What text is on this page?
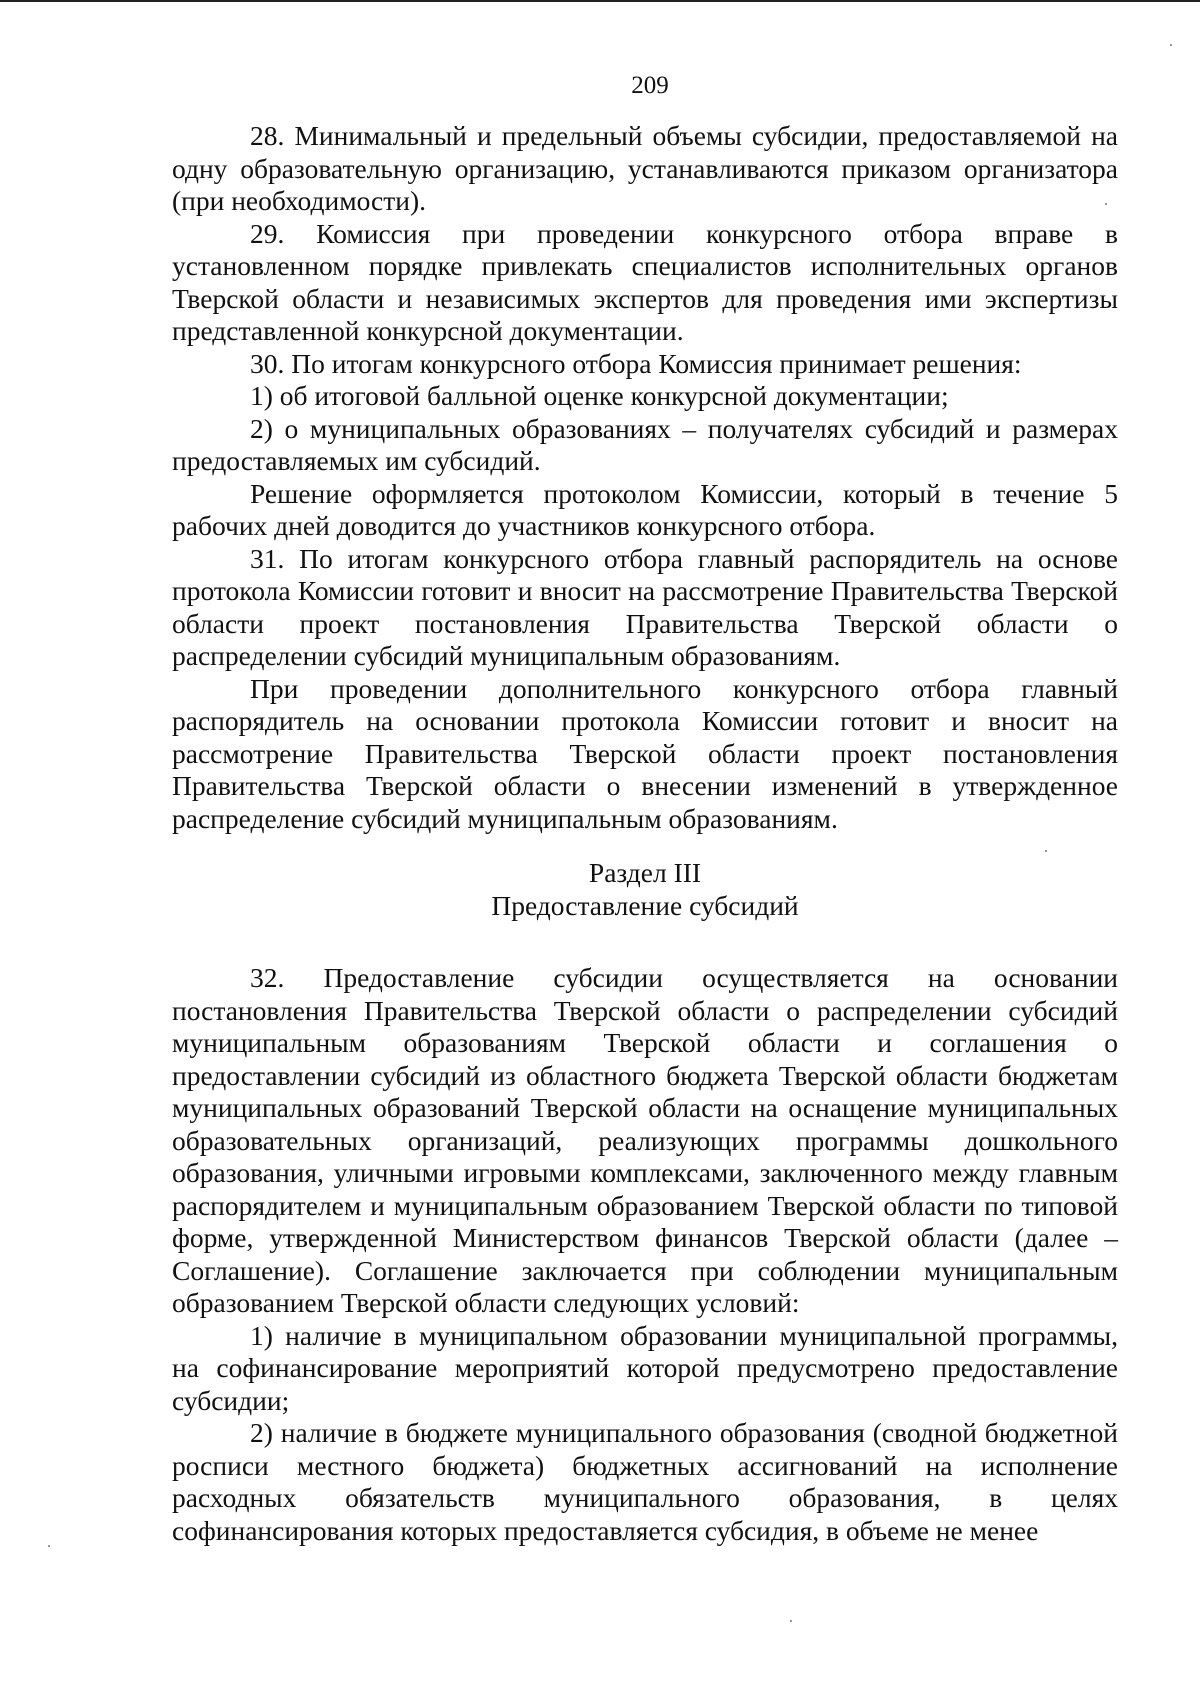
209

28. Минимальный и предельный объемы субсидии, предоставляемой на одну образовательную организацию, устанавливаются приказом организатора (при необходимости).

29. Комиссия при проведении конкурсного отбора вправе в установленном порядке привлекать специалистов исполнительных органов Тверской области и независимых экспертов для проведения ими экспертизы представленной конкурсной документации.

30. По итогам конкурсного отбора Комиссия принимает решения:

1) об итоговой балльной оценке конкурсной документации;

2) о муниципальных образованиях – получателях субсидий и размерах предоставляемых им субсидий.

Решение оформляется протоколом Комиссии, который в течение 5 рабочих дней доводится до участников конкурсного отбора.

31. По итогам конкурсного отбора главный распорядитель на основе протокола Комиссии готовит и вносит на рассмотрение Правительства Тверской области проект постановления Правительства Тверской области о распределении субсидий муниципальным образованиям.

При проведении дополнительного конкурсного отбора главный распорядитель на основании протокола Комиссии готовит и вносит на рассмотрение Правительства Тверской области проект постановления Правительства Тверской области о внесении изменений в утвержденное распределение субсидий муниципальным образованиям.

Раздел III

Предоставление субсидий

32. Предоставление субсидии осуществляется на основании постановления Правительства Тверской области о распределении субсидий муниципальным образованиям Тверской области и соглашения о предоставлении субсидий из областного бюджета Тверской области бюджетам муниципальных образований Тверской области на оснащение муниципальных образовательных организаций, реализующих программы дошкольного образования, уличными игровыми комплексами, заключенного между главным распорядителем и муниципальным образованием Тверской области по типовой форме, утвержденной Министерством финансов Тверской области (далее – Соглашение). Соглашение заключается при соблюдении муниципальным образованием Тверской области следующих условий:

1) наличие в муниципальном образовании муниципальной программы, на софинансирование мероприятий которой предусмотрено предоставление субсидии;

2) наличие в бюджете муниципального образования (сводной бюджетной росписи местного бюджета) бюджетных ассигнований на исполнение расходных обязательств муниципального образования, в целях софинансирования которых предоставляется субсидия, в объеме не менее
